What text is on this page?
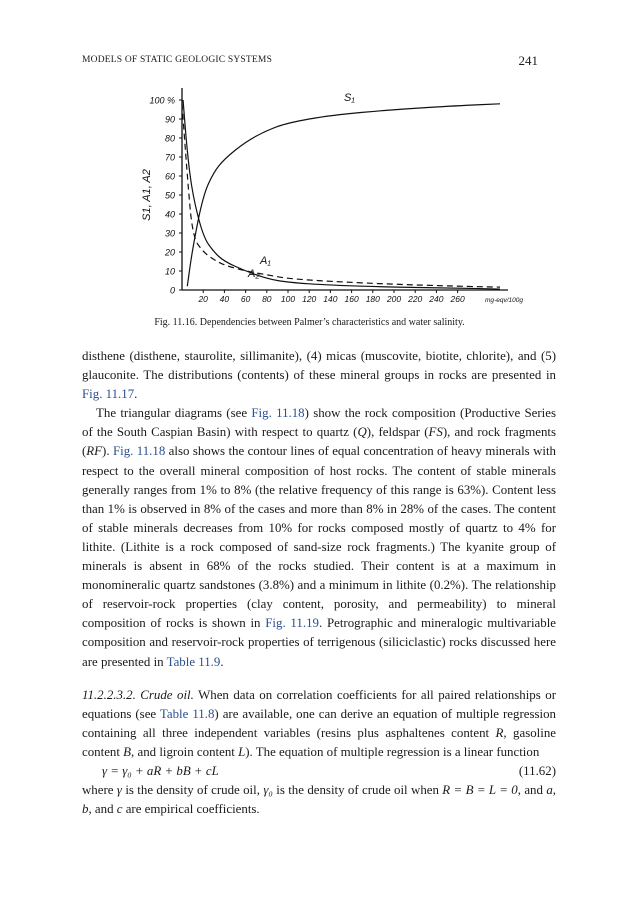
MODELS OF STATIC GEOLOGIC SYSTEMS	241
0
10
20
30
40
50
60
70
80
90
100 %
20 40 60 80 100 120 140 160 180 200 220 240 260	mg-eqv/100g
S1, A1, A2
S₁
A₁
A₂
Fig. 11.16. Dependencies between Palmer’s characteristics and water salinity.

disthene (disthene, staurolite, sillimanite), (4) micas (muscovite, biotite, chlorite), and (5) glauconite. The distributions (contents) of these mineral groups in rocks are presented in Fig. 11.17.

The triangular diagrams (see Fig. 11.18) show the rock composition (Productive Series of the South Caspian Basin) with respect to quartz (Q), feldspar (FS), and rock fragments (RF). Fig. 11.18 also shows the contour lines of equal concentration of heavy minerals with respect to the overall mineral composition of host rocks. The content of stable minerals generally ranges from 1% to 8% (the relative frequency of this range is 63%). Content less than 1% is observed in 8% of the cases and more than 8% in 28% of the cases. The content of stable minerals decreases from 10% for rocks composed mostly of quartz to 4% for lithite. (Lithite is a rock composed of sand-size rock fragments.) The kyanite group of minerals is absent in 68% of the rocks studied. Their content is at a maximum in monomineralic quartz sandstones (3.8%) and a minimum in lithite (0.2%). The relationship of reservoir-rock properties (clay content, porosity, and permeability) to mineral composition of rocks is shown in Fig. 11.19. Petrographic and mineralogic multivariable composition and reservoir-rock properties of terrigenous (siliciclastic) rocks discussed here are presented in Table 11.9.

11.2.2.3.2. Crude oil. When data on correlation coefficients for all paired relationships or equations (see Table 11.8) are available, one can derive an equation of multiple regression containing all three independent variables (resins plus asphaltenes content R, gasoline content B, and ligroin content L). The equation of multiple regression is a linear function

γ = γ₀ + aR + bB + cL	(11.62)

where γ is the density of crude oil, γ₀ is the density of crude oil when R = B = L = 0, and a, b, and c are empirical coefficients.
